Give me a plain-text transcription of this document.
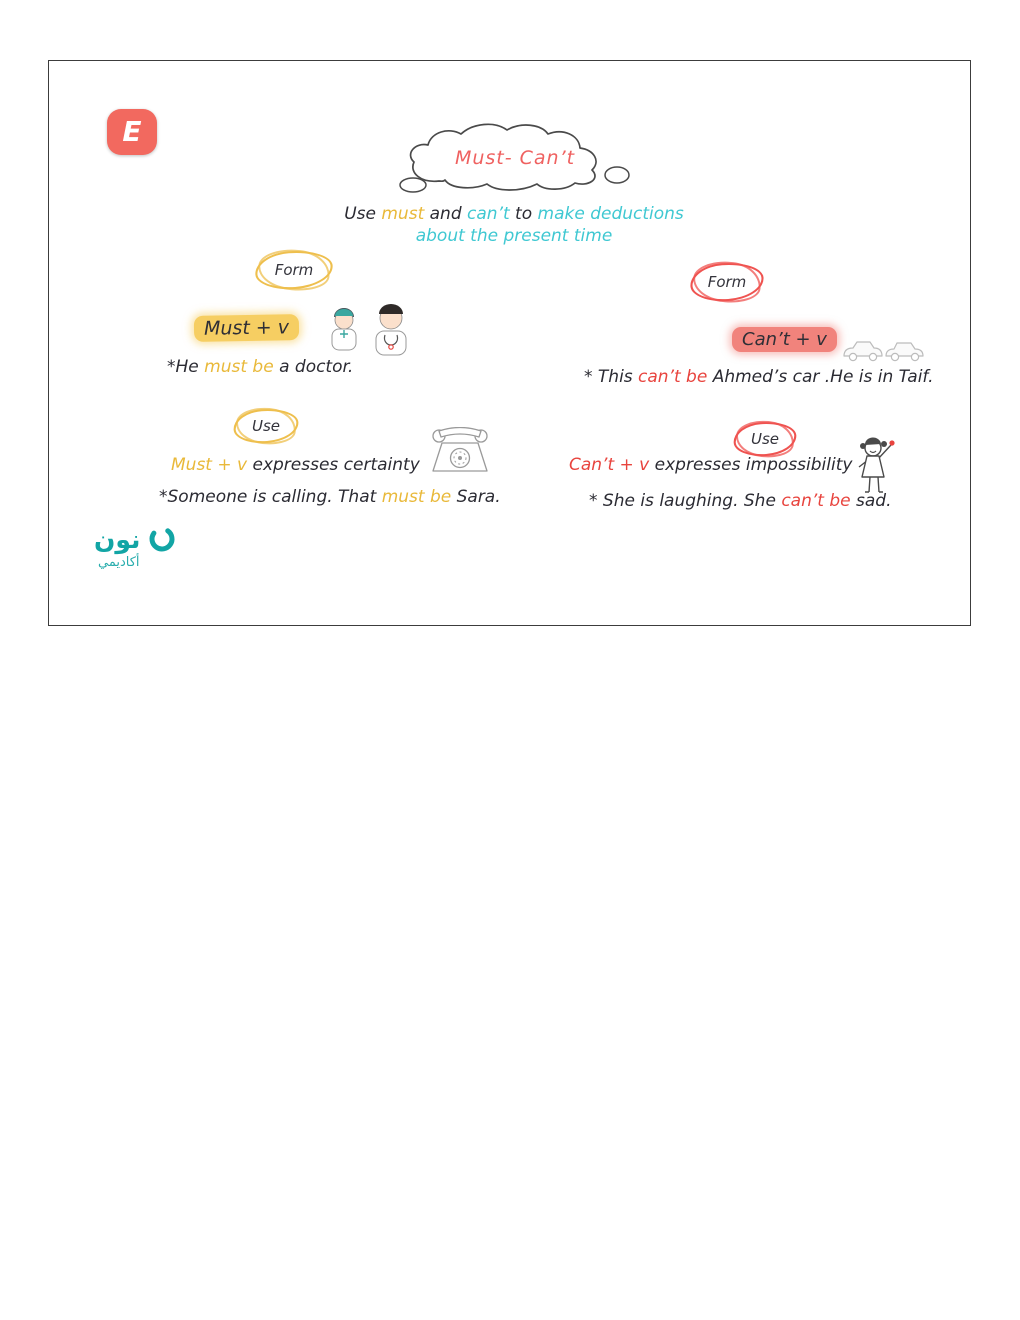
E
Must- Can’t
Use must and can’t to make deductions
about the present time
Form
Must + v
*He must be a doctor.
Use
Must + v expresses certainty
*Someone is calling. That must be Sara.
Form
Can’t + v
* This can’t be Ahmed’s car .He is in Taif.
Use
Can’t + v expresses impossibility
* She is laughing. She can’t be sad.
نون
أكاديمي
